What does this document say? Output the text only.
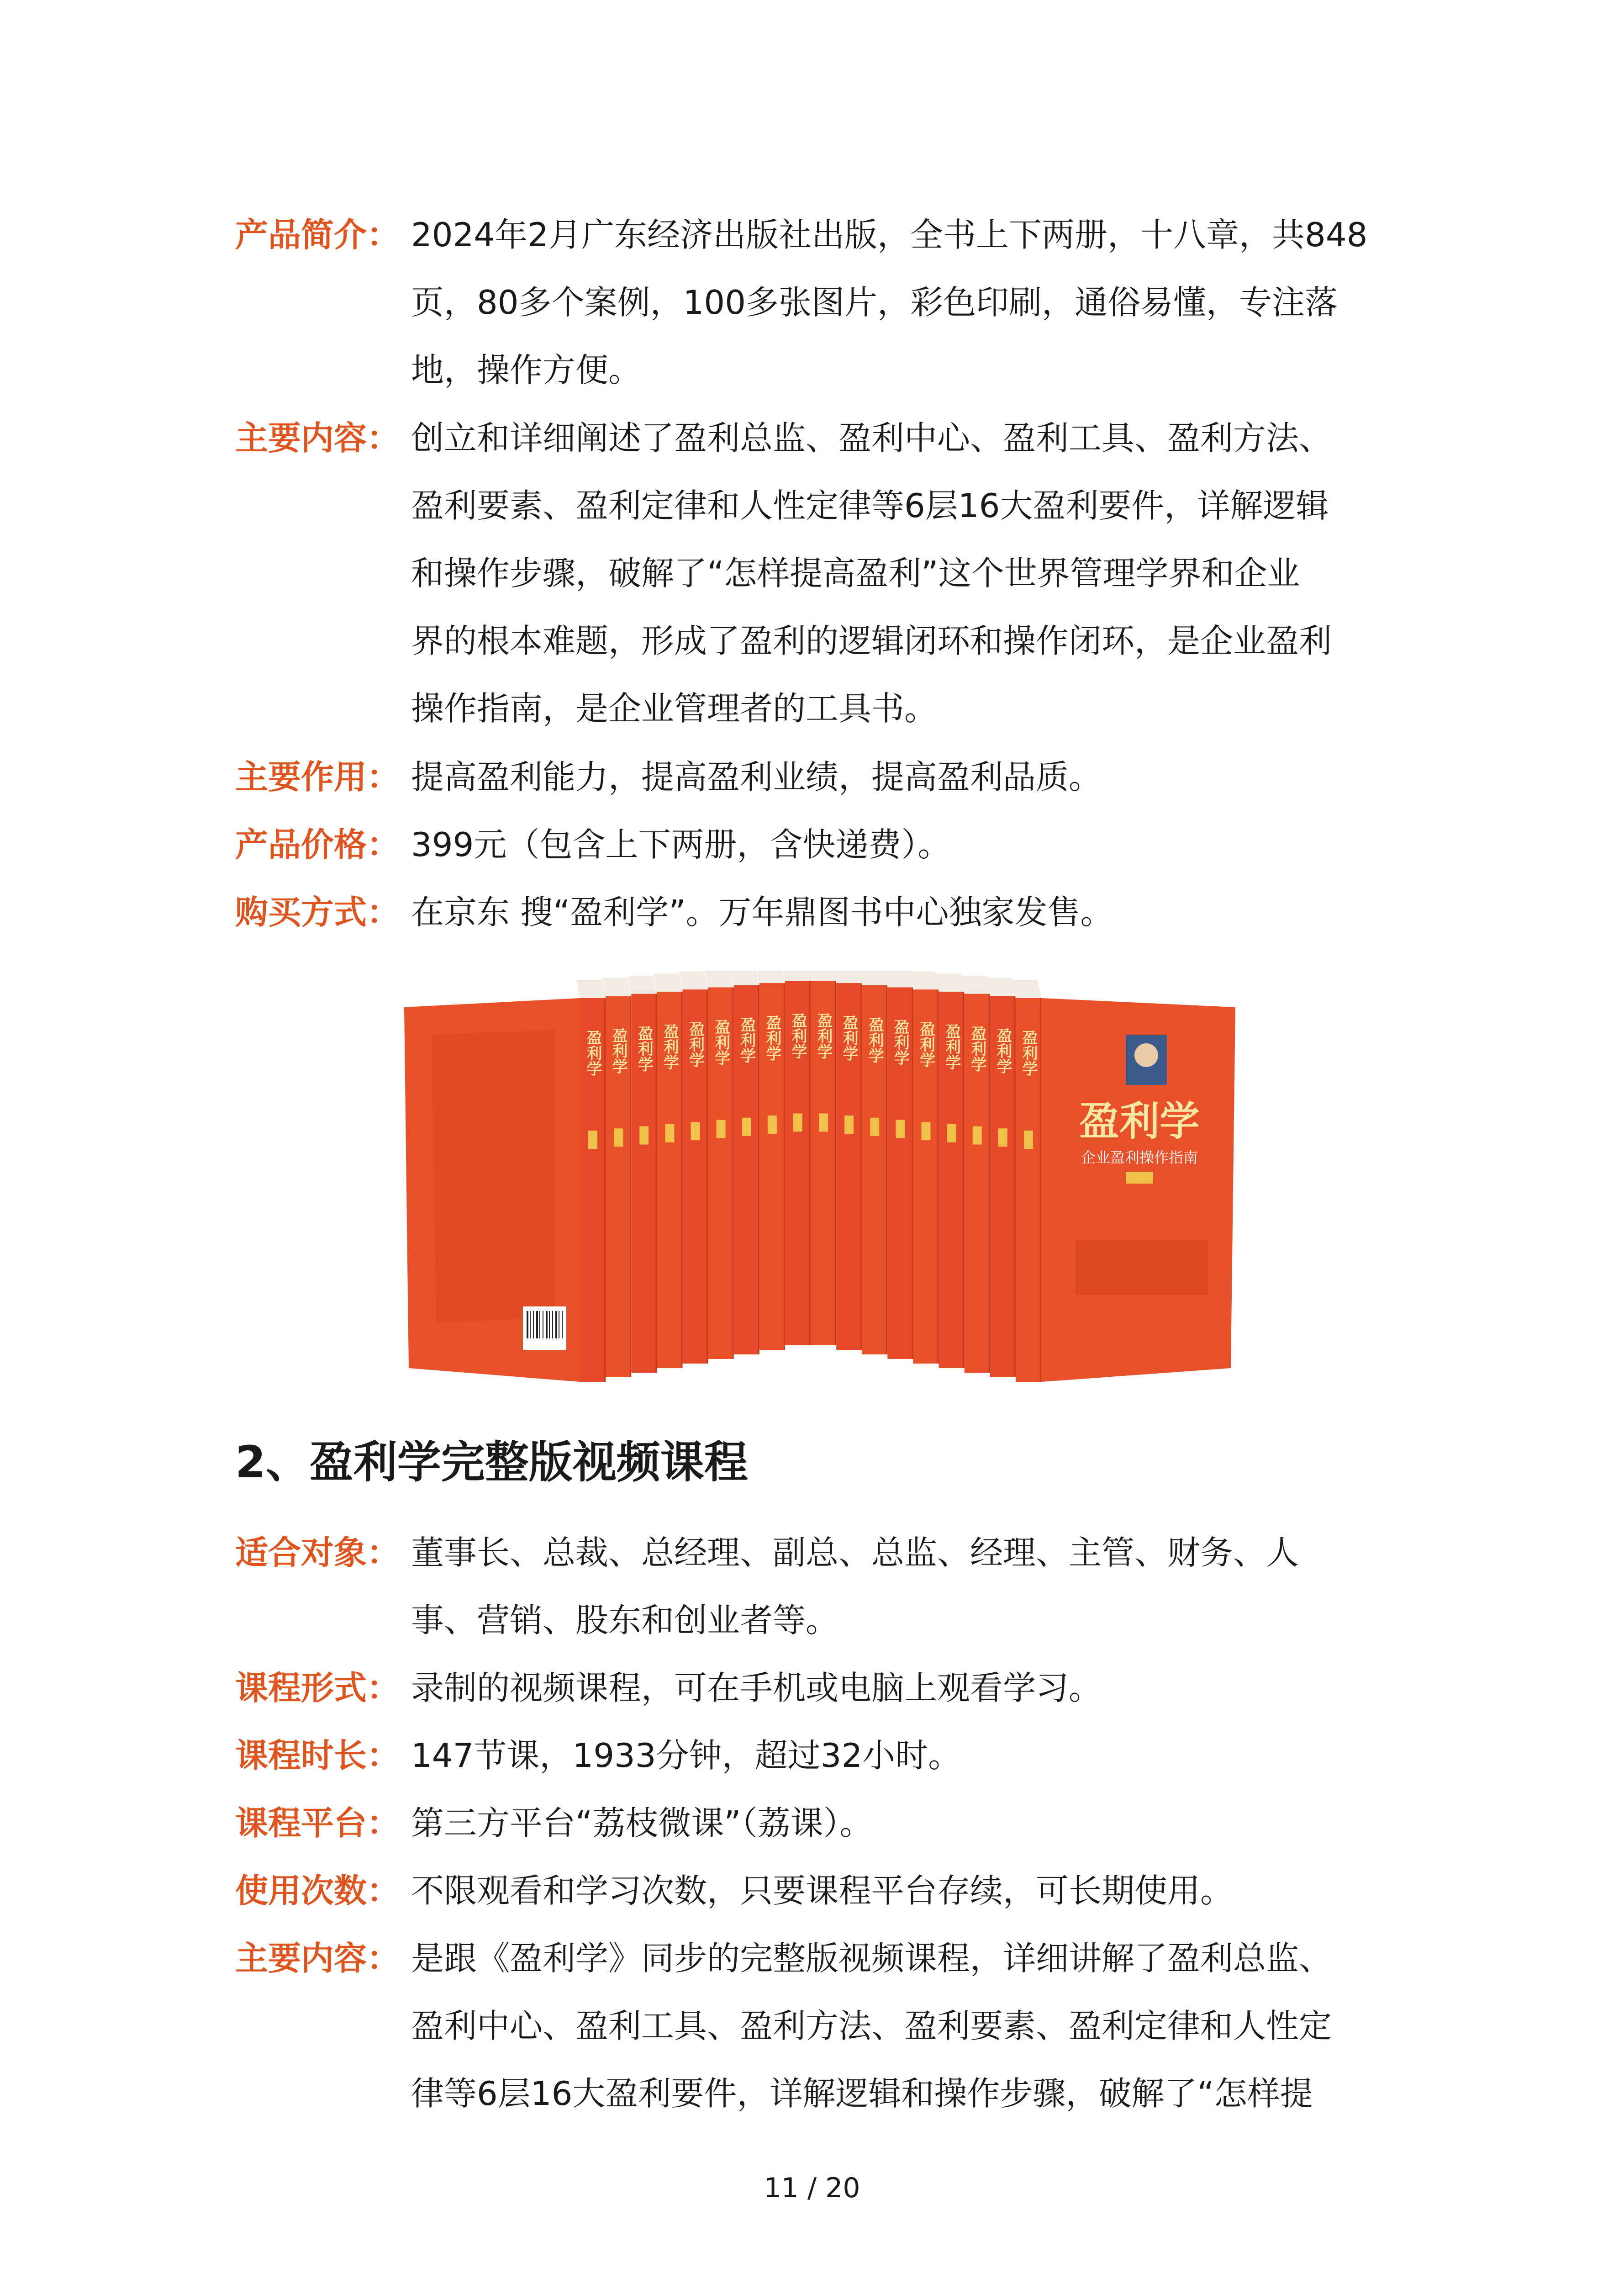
产品简介： 2024年2月广东经济出版社出版，全书上下两册，十八章，共848
页，80多个案例，100多张图片，彩色印刷，通俗易懂，专注落
地，操作方便。
主要内容： 创立和详细阐述了盈利总监、盈利中心、盈利工具、盈利方法、
盈利要素、盈利定律和人性定律等6层16大盈利要件，详解逻辑
和操作步骤，破解了“怎样提高盈利”这个世界管理学界和企业
界的根本难题，形成了盈利的逻辑闭环和操作闭环，是企业盈利
操作指南，是企业管理者的工具书。
主要作用： 提高盈利能力，提高盈利业绩，提高盈利品质。
产品价格： 399元（包含上下两册，含快递费）。
购买方式： 在京东 搜“盈利学”。万年鼎图书中心独家发售。
盈利学 盈利学 盈利学 盈利学 盈利学 盈利学 盈利学 盈利学 盈利学 盈利学 盈利学 盈利学 盈利学 盈利学 盈利学 盈利学 盈利学 盈利学
盈利学
企业盈利操作指南
2、盈利学完整版视频课程
适合对象： 董事长、总裁、总经理、副总、总监、经理、主管、财务、人
事、营销、股东和创业者等。
课程形式： 录制的视频课程，可在手机或电脑上观看学习。
课程时长： 147节课，1933分钟，超过32小时。
课程平台： 第三方平台“荔枝微课”（荔课）。
使用次数： 不限观看和学习次数，只要课程平台存续，可长期使用。
主要内容： 是跟《盈利学》同步的完整版视频课程，详细讲解了盈利总监、
盈利中心、盈利工具、盈利方法、盈利要素、盈利定律和人性定
律等6层16大盈利要件，详解逻辑和操作步骤，破解了“怎样提
11 / 20
